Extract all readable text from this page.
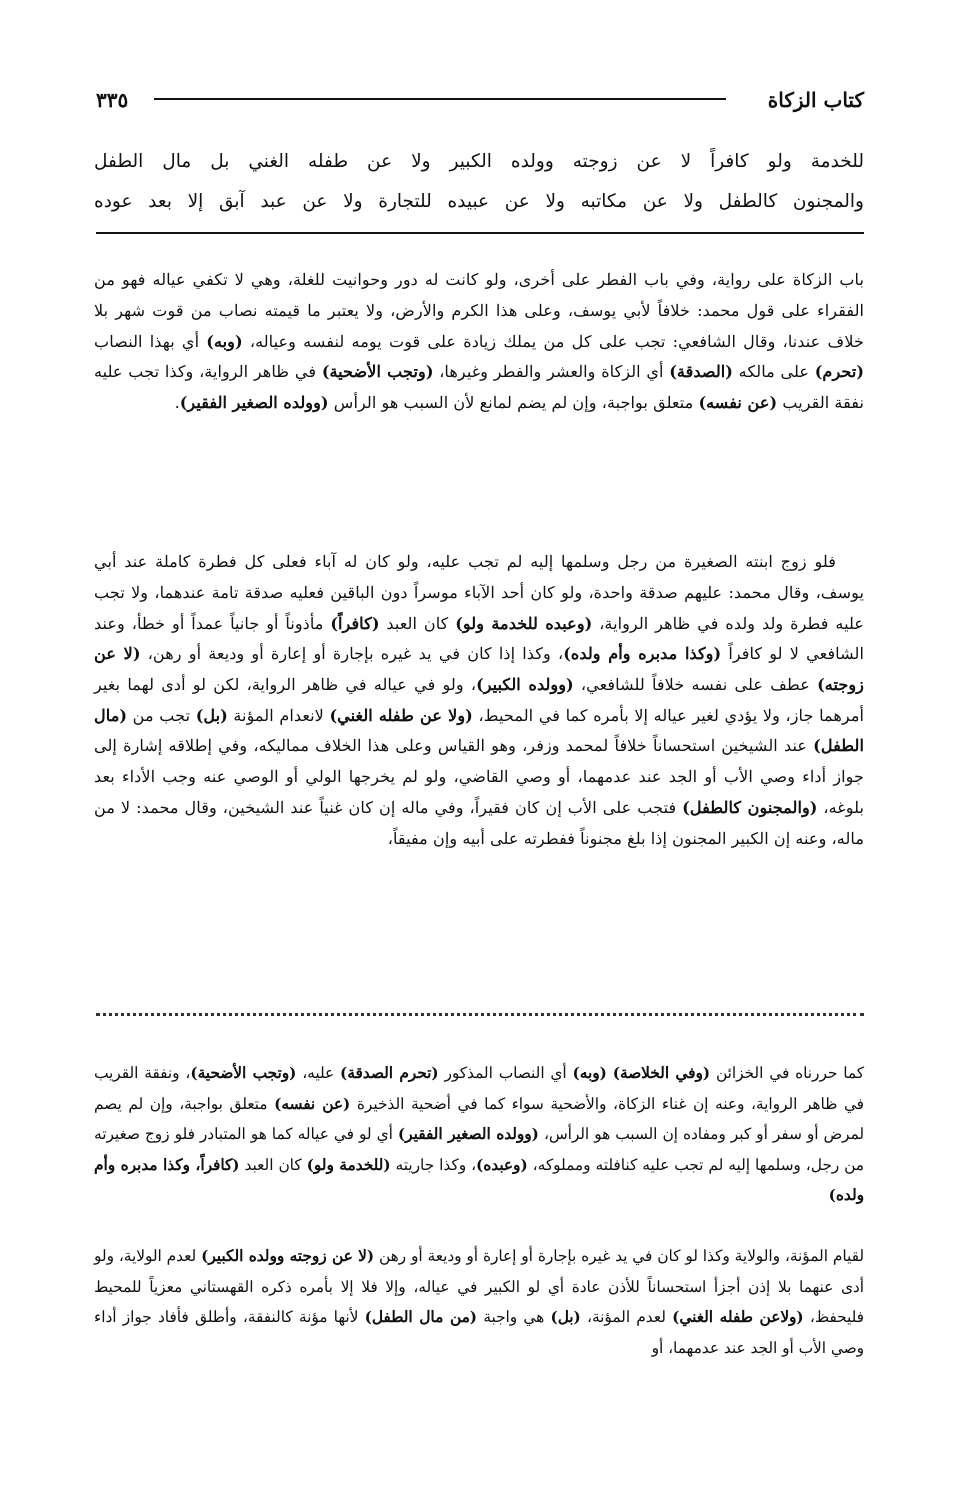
كتاب الزكاة
٣٣٥
للخدمة ولو كافراً لا عن زوجته وولده الكبير ولا عن طفله الغني بل مال الطفل
والمجنون كالطفل ولا عن مكاتبه ولا عن عبيده للتجارة ولا عن عبد آبق إلا بعد عوده

باب الزكاة على رواية، وفي باب الفطر على أخرى، ولو كانت له دور وحوانيت للغلة، وهي لا تكفي عياله فهو من الفقراء على قول محمد: خلافاً لأبي يوسف، وعلى هذا الكرم والأرض، ولا يعتبر ما قيمته نصاب من قوت شهر بلا خلاف عندنا، وقال الشافعي: تجب على كل من يملك زيادة على قوت يومه لنفسه وعياله، (وبه) أي بهذا النصاب (تحرم) على مالكه (الصدقة) أي الزكاة والعشر والفطر وغيرها، (وتجب الأضحية) في ظاهر الرواية، وكذا تجب عليه نفقة القريب (عن نفسه) متعلق بواجبة، وإن لم يضم لمانع لأن السبب هو الرأس (وولده الصغير الفقير).

فلو زوج ابنته الصغيرة من رجل وسلمها إليه لم تجب عليه، ولو كان له آباء فعلى كل فطرة كاملة عند أبي يوسف، وقال محمد: عليهم صدقة واحدة، ولو كان أحد الآباء موسراً دون الباقين فعليه صدقة تامة عندهما، ولا تجب عليه فطرة ولد ولده في ظاهر الرواية، (وعبده للخدمة ولو) كان العبد (كافراً) مأذوناً أو جانياً عمداً أو خطأ، وعند الشافعي لا لو كافراً (وكذا مدبره وأم ولده)، وكذا إذا كان في يد غيره بإجارة أو إعارة أو وديعة أو رهن، (لا عن زوجته) عطف على نفسه خلافاً للشافعي، (وولده الكبير)، ولو في عياله في ظاهر الرواية، لكن لو أدى لهما بغير أمرهما جاز، ولا يؤدي لغير عياله إلا بأمره كما في المحيط، (ولا عن طفله الغني) لانعدام المؤنة (بل) تجب من (مال الطفل) عند الشيخين استحساناً خلافاً لمحمد وزفر، وهو القياس وعلى هذا الخلاف مماليكه، وفي إطلاقه إشارة إلى جواز أداء وصي الأب أو الجد عند عدمهما، أو وصي القاضي، ولو لم يخرجها الولي أو الوصي عنه وجب الأداء بعد بلوغه، (والمجنون كالطفل) فتجب على الأب إن كان فقيراً، وفي ماله إن كان غنياً عند الشيخين، وقال محمد: لا من ماله، وعنه إن الكبير المجنون إذا بلغ مجنوناً ففطرته على أبيه وإن مفيقاً،

كما حررناه في الخزائن (وفي الخلاصة) (وبه) أي النصاب المذكور (تحرم الصدقة) عليه، (وتجب الأضحية)، ونفقة القريب في ظاهر الرواية، وعنه إن غناء الزكاة، والأضحية سواء كما في أضحية الذخيرة (عن نفسه) متعلق بواجبة، وإن لم يصم لمرض أو سفر أو كبر ومفاده إن السبب هو الرأس، (وولده الصغير الفقير) أي لو في عياله كما هو المتبادر فلو زوج صغيرته من رجل، وسلمها إليه لم تجب عليه كنافلته ومملوكه، (وعبده)، وكذا جاريته (للخدمة ولو) كان العبد (كافراً، وكذا مدبره وأم ولده)

لقيام المؤنة، والولاية وكذا لو كان في يد غيره بإجارة أو إعارة أو وديعة أو رهن (لا عن زوجته وولده الكبير) لعدم الولاية، ولو أدى عنهما بلا إذن أجزأ استحساناً للأذن عادة أي لو الكبير في عياله، وإلا فلا إلا بأمره ذكره القهستاني معزياً للمحيط فليحفظ، (ولاعن طفله الغني) لعدم المؤنة، (بل) هي واجبة (من مال الطفل) لأنها مؤنة كالنفقة، وأطلق فأفاد جواز أداء وصي الأب أو الجد عند عدمهما، أو
